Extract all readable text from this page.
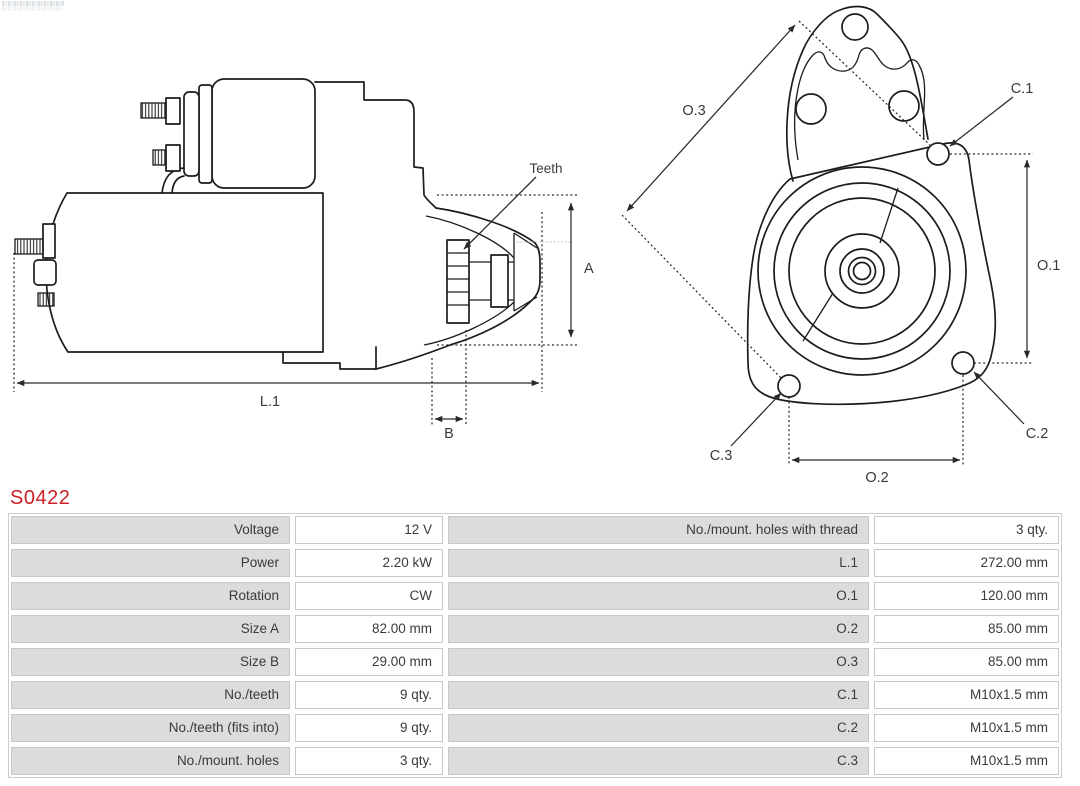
A
L.1
B
Teeth
O.3
C.1
O.1
C.2
C.3
O.2
S0422
Voltage	12 V	No./mount. holes with thread	3 qty.
Power	2.20 kW	L.1	272.00 mm
Rotation	CW	O.1	120.00 mm
Size A	82.00 mm	O.2	85.00 mm
Size B	29.00 mm	O.3	85.00 mm
No./teeth	9 qty.	C.1	M10x1.5 mm
No./teeth (fits into)	9 qty.	C.2	M10x1.5 mm
No./mount. holes	3 qty.	C.3	M10x1.5 mm
